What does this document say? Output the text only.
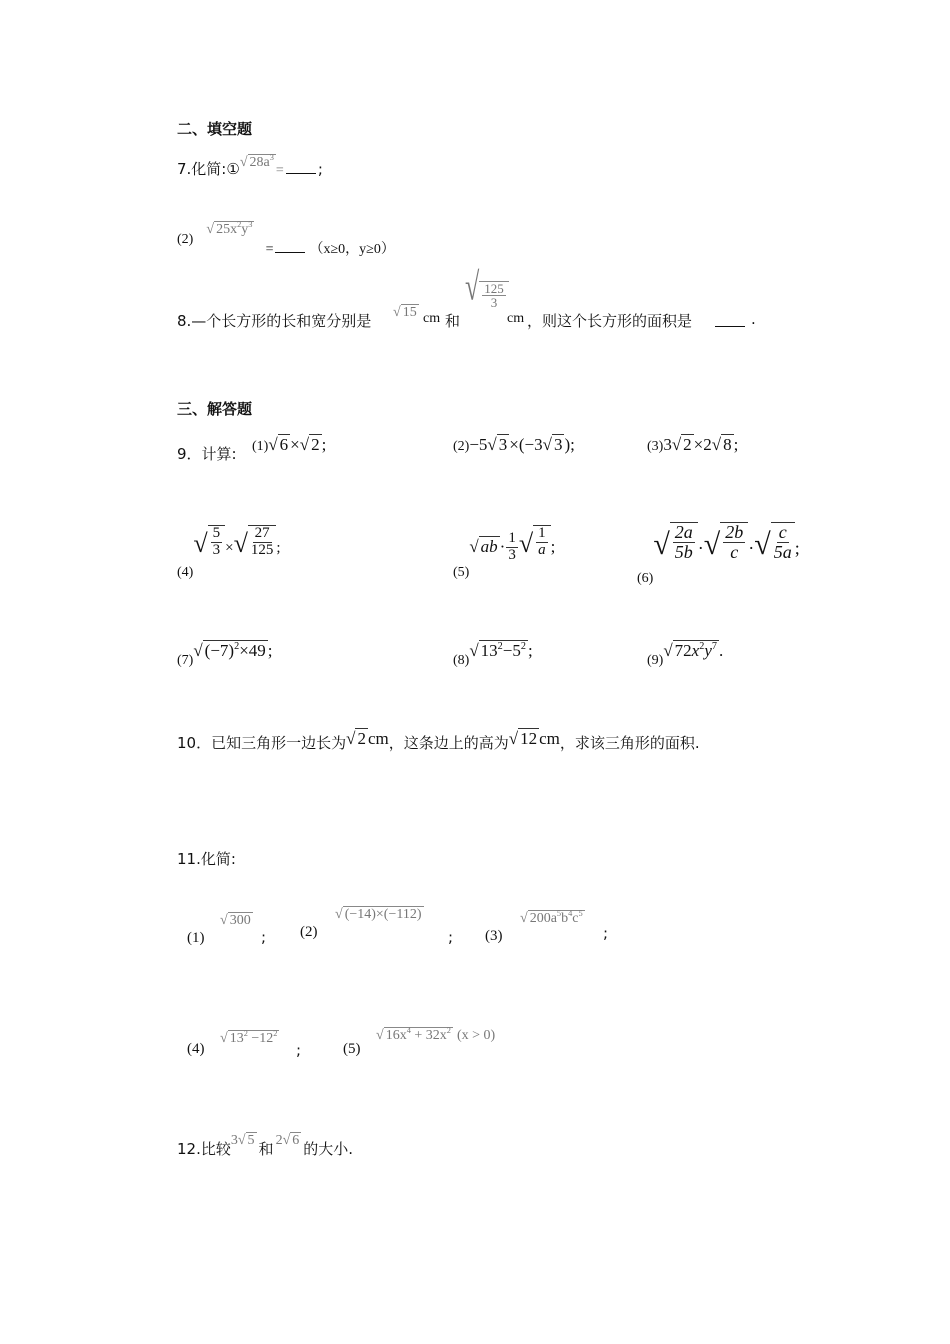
二、填空题
7.化简:① √ $28a^3$
= ;
(2)
√ $25x^2y^3$
=	（x≥0，y≥0）
8.—个长方形的长和宽分别是 √ 15 cm 和
√ $\frac{125}{3}$
cm ，则这个长方形的面积是	.
三、解答题
9．计算: (1) √ 6 × √ 2 ;	(2)−5 √ 3 ×(−3 √ 3 );	(3)3 √ 2 ×2 √ 8 ;
(4)
√ $\frac{5}{3}$ × √ $\frac{27}{125}$ ;
(5)
√ ab · $\frac{1}{3}$ √ $\frac{1}{a}$ ;
(6)
√ $\frac{2a}{5b}$ · √ $\frac{2b}{c}$ · √ $\frac{c}{5a}$ ;
(7)
√ $(-7)^2\times 49$ ;
(8)
√ $13^2-5^2$ ;
(9)
√ $72x^2y^7$ .
10．已知三角形一边长为 √ 2 cm，这条边上的高为 √ 12 cm，求该三角形的面积.
11.化简:
(1)
√ 300
; (2)
√ (−14)×(−112)
; (3)
√ $200a^5b^4c^5$
;
(4)
√ $13^2 -12^2$
;	(5)
√ $16x^4 + 32x^2$ (x > 0)
12.比较3 √ 5 和 2 √ 6 的大小.
